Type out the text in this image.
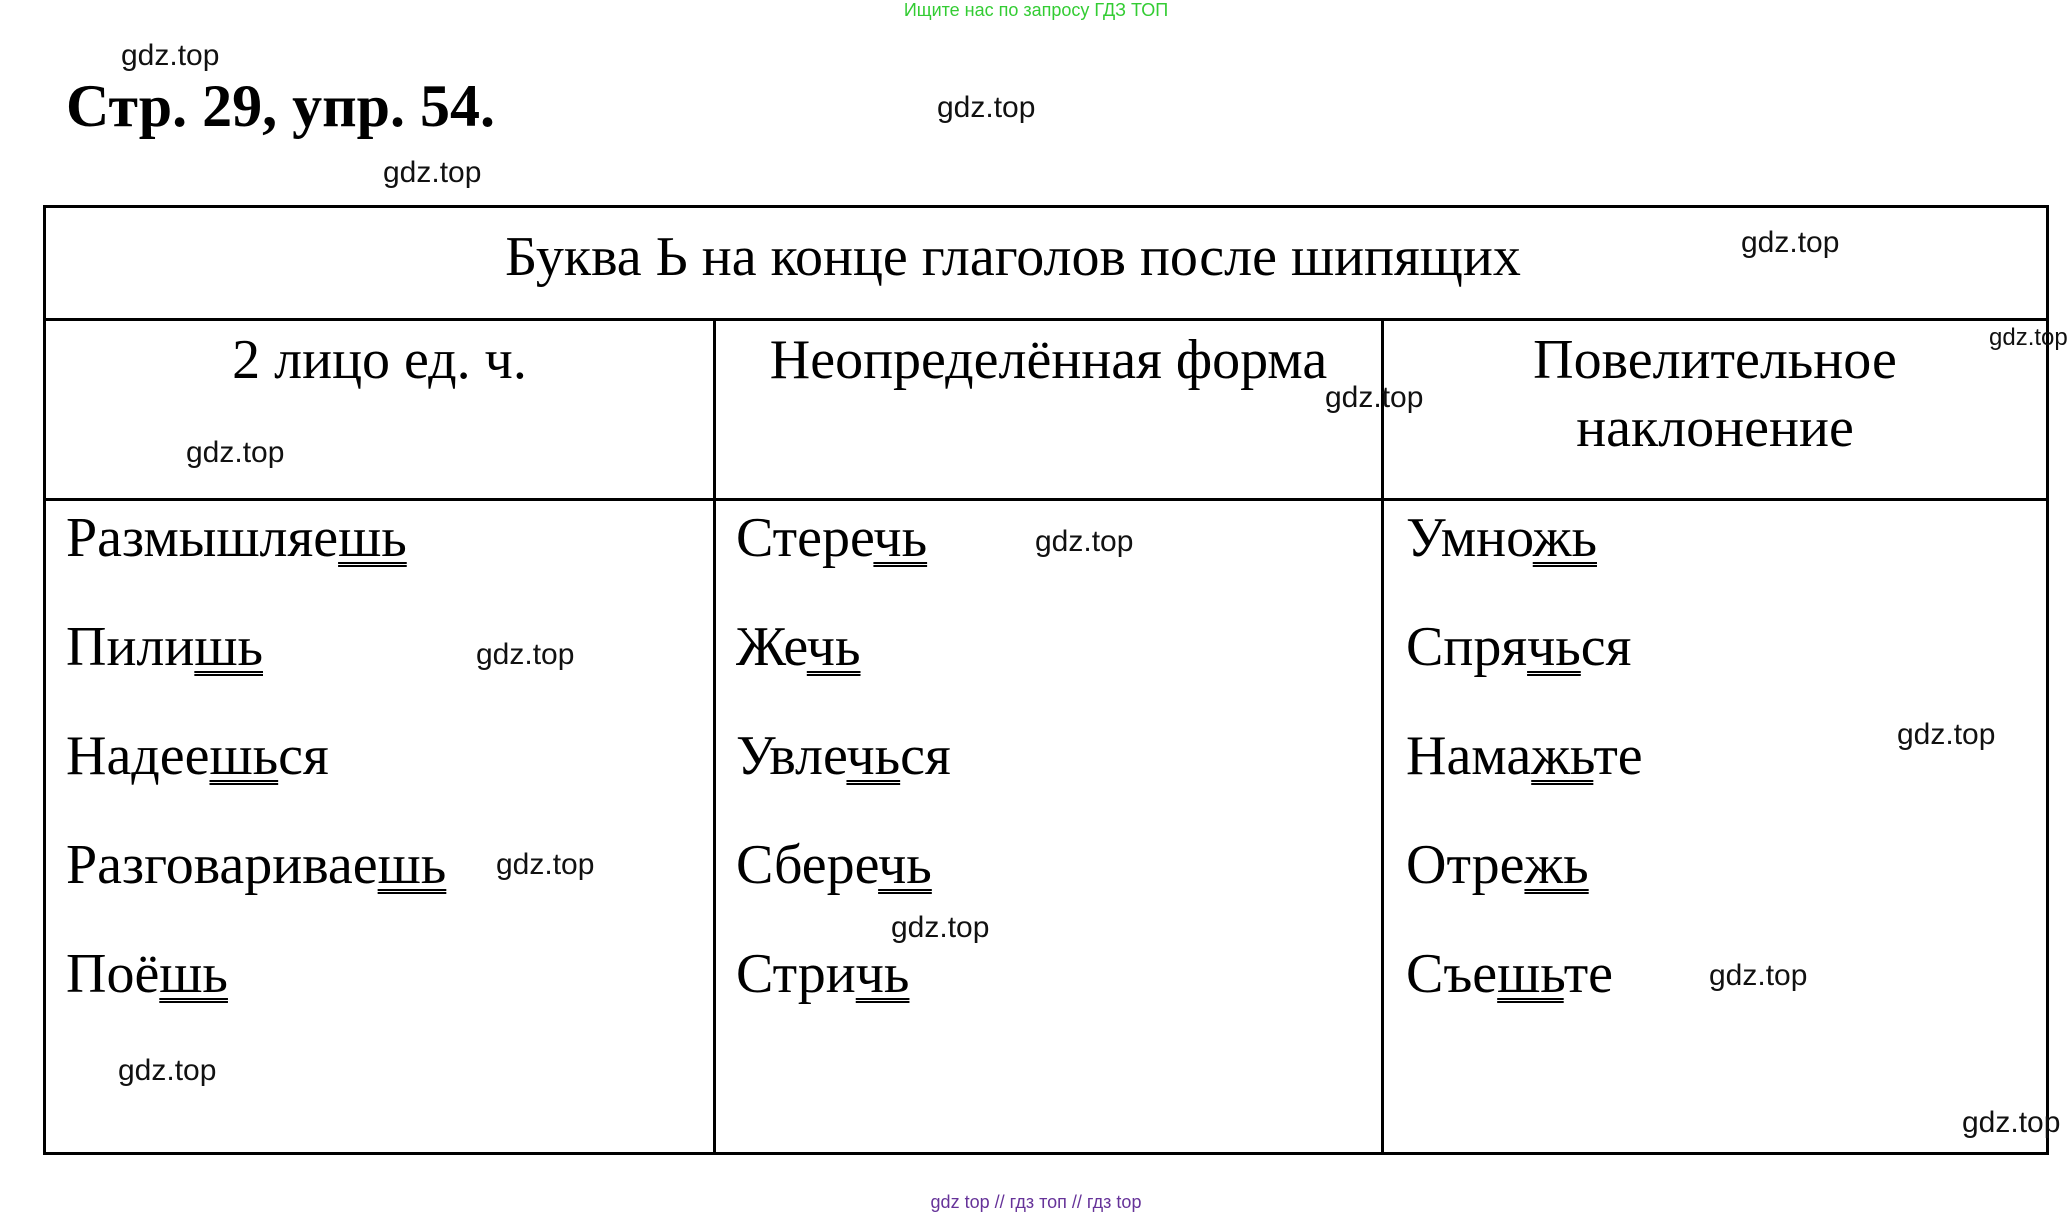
Ищите нас по запросу ГДЗ ТОП
Стр. 29, упр. 54.
gdz.top
gdz.top
gdz.top
Буква Ь на конце глаголов после шипящих
2 лицо ед. ч.	Неопределённая форма	Повелительное
наклонение
Размышляешь
Пилишь
Надеешься
Разговариваешь
Поёшь
Стеречь
Жечь
Увлечься
Сберечь
Стричь
Умножь
Спрячься
Намажьте
Отрежь
Съешьте
gdz.top
gdz.top
gdz.top
gdz.top
gdz.top
gdz.top
gdz.top
gdz.top
gdz.top
gdz.top
gdz.top
gdz.top
gdz top // гдз топ // гдз top
